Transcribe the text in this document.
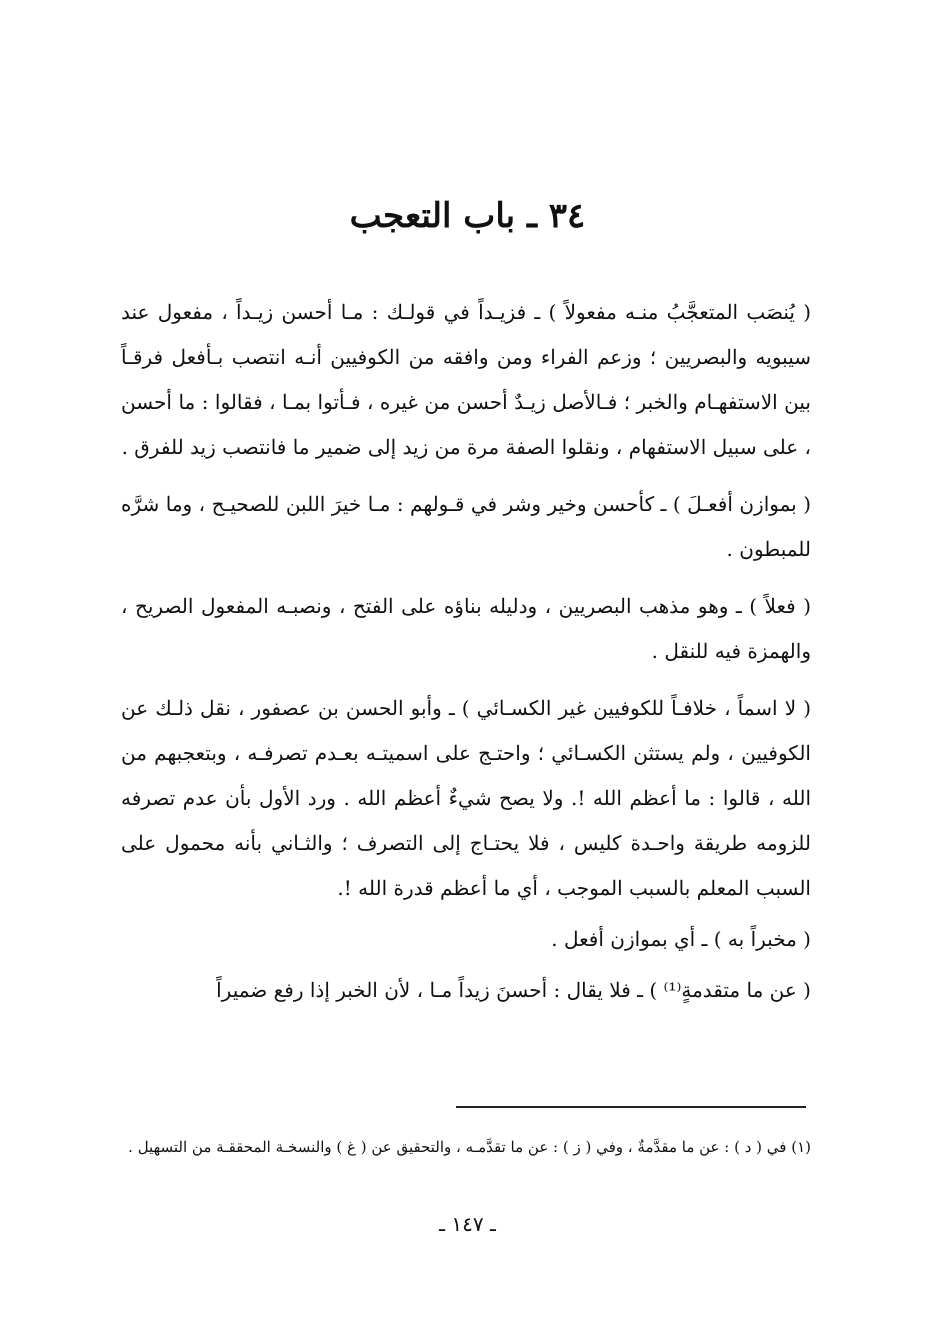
٣٤ ـ باب التعجب

( يُنصَب المتعجَّبُ منـه مفعولاً ) ـ فزيـداً في قولـك : مـا أحسن زيـداً ، مفعول عند سيبويه والبصريين ؛ وزعم الفراء ومن وافقه من الكوفيين أنـه انتصب بـأفعل فرقـاً بين الاستفهـام والخبر ؛ فـالأصل زيـدٌ أحسن من غيره ، فـأتوا بمـا ، فقالوا : ما أحسن ، على سبيل الاستفهام ، ونقلوا الصفة مرة من زيد إلى ضمير ما فانتصب زيد للفرق .

( بموازن أفعـلَ ) ـ كأحسن وخير وشر في قـولهم : مـا خيرَ اللبن للصحيـح ، وما شرَّه للمبطون .

( فعلاً ) ـ وهو مذهب البصريين ، ودليله بناؤه على الفتح ، ونصبـه المفعول الصريح ، والهمزة فيه للنقل .

( لا اسماً ، خلافـاً للكوفيين غير الكسـائي ) ـ وأبو الحسن بن عصفور ، نقل ذلـك عن الكوفيين ، ولم يستثن الكسـائي ؛ واحتـج على اسميتـه بعـدم تصرفـه ، وبتعجبهم من الله ، قالوا : ما أعظم الله !. ولا يصح شيءٌ أعظم الله . ورد الأول بأن عدم تصرفه للزومه طريقة واحـدة كليس ، فلا يحتـاج إلى التصرف ؛ والثـاني بأنه محمول على السبب المعلم بالسبب الموجب ، أي ما أعظم قدرة الله !.

( مخبراً به ) ـ أي بموازن أفعل .

( عن ما متقدمةٍ⁽¹⁾ ) ـ فلا يقال : أحسنَ زيداً مـا ، لأن الخبر إذا رفع ضميراً

(١) في ( د ) : عن ما مقدَّمةٌ ، وفي ( ز ) : عن ما تقدَّمـه ، والتحقيق عن ( غ ) والنسخـة المحققـة من التسهيل .

ـ ١٤٧ ـ
